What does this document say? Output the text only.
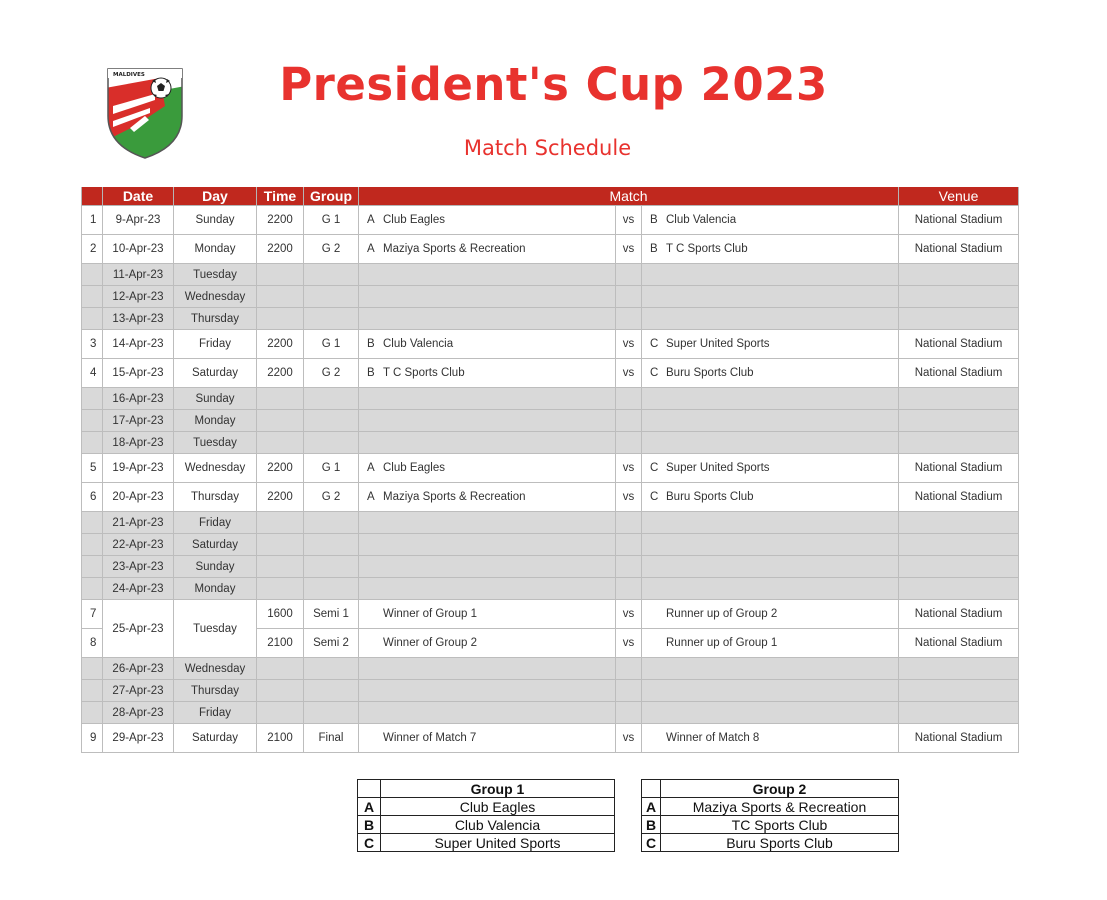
MALDIVES	President's Cup 2023
Match Schedule
	Date	Day	Time	Group	Match			Venue
1	9-Apr-23	Sunday	2200	G 1	A Club Eagles	vs	B Club Valencia	National Stadium
2	10-Apr-23	Monday	2200	G 2	A Maziya Sports & Recreation	vs	B T C Sports Club	National Stadium
	11-Apr-23	Tuesday						
	12-Apr-23	Wednesday						
	13-Apr-23	Thursday						
3	14-Apr-23	Friday	2200	G 1	B Club Valencia	vs	C Super United Sports	National Stadium
4	15-Apr-23	Saturday	2200	G 2	B T C Sports Club	vs	C Buru Sports Club	National Stadium
	16-Apr-23	Sunday						
	17-Apr-23	Monday						
	18-Apr-23	Tuesday						
5	19-Apr-23	Wednesday	2200	G 1	A Club Eagles	vs	C Super United Sports	National Stadium
6	20-Apr-23	Thursday	2200	G 2	A Maziya Sports & Recreation	vs	C Buru Sports Club	National Stadium
	21-Apr-23	Friday						
	22-Apr-23	Saturday						
	23-Apr-23	Sunday						
	24-Apr-23	Monday						
7	25-Apr-23	Tuesday	1600	Semi 1	Winner of Group 1	vs	Runner up of Group 2	National Stadium
8			2100	Semi 2	Winner of Group 2	vs	Runner up of Group 1	National Stadium
	26-Apr-23	Wednesday						
	27-Apr-23	Thursday						
	28-Apr-23	Friday						
9	29-Apr-23	Saturday	2100	Final	Winner of Match 7	vs	Winner of Match 8	National Stadium
	Group 1
A	Club Eagles
B	Club Valencia
C	Super United Sports
	Group 2
A	Maziya Sports & Recreation
B	TC Sports Club
C	Buru Sports Club
